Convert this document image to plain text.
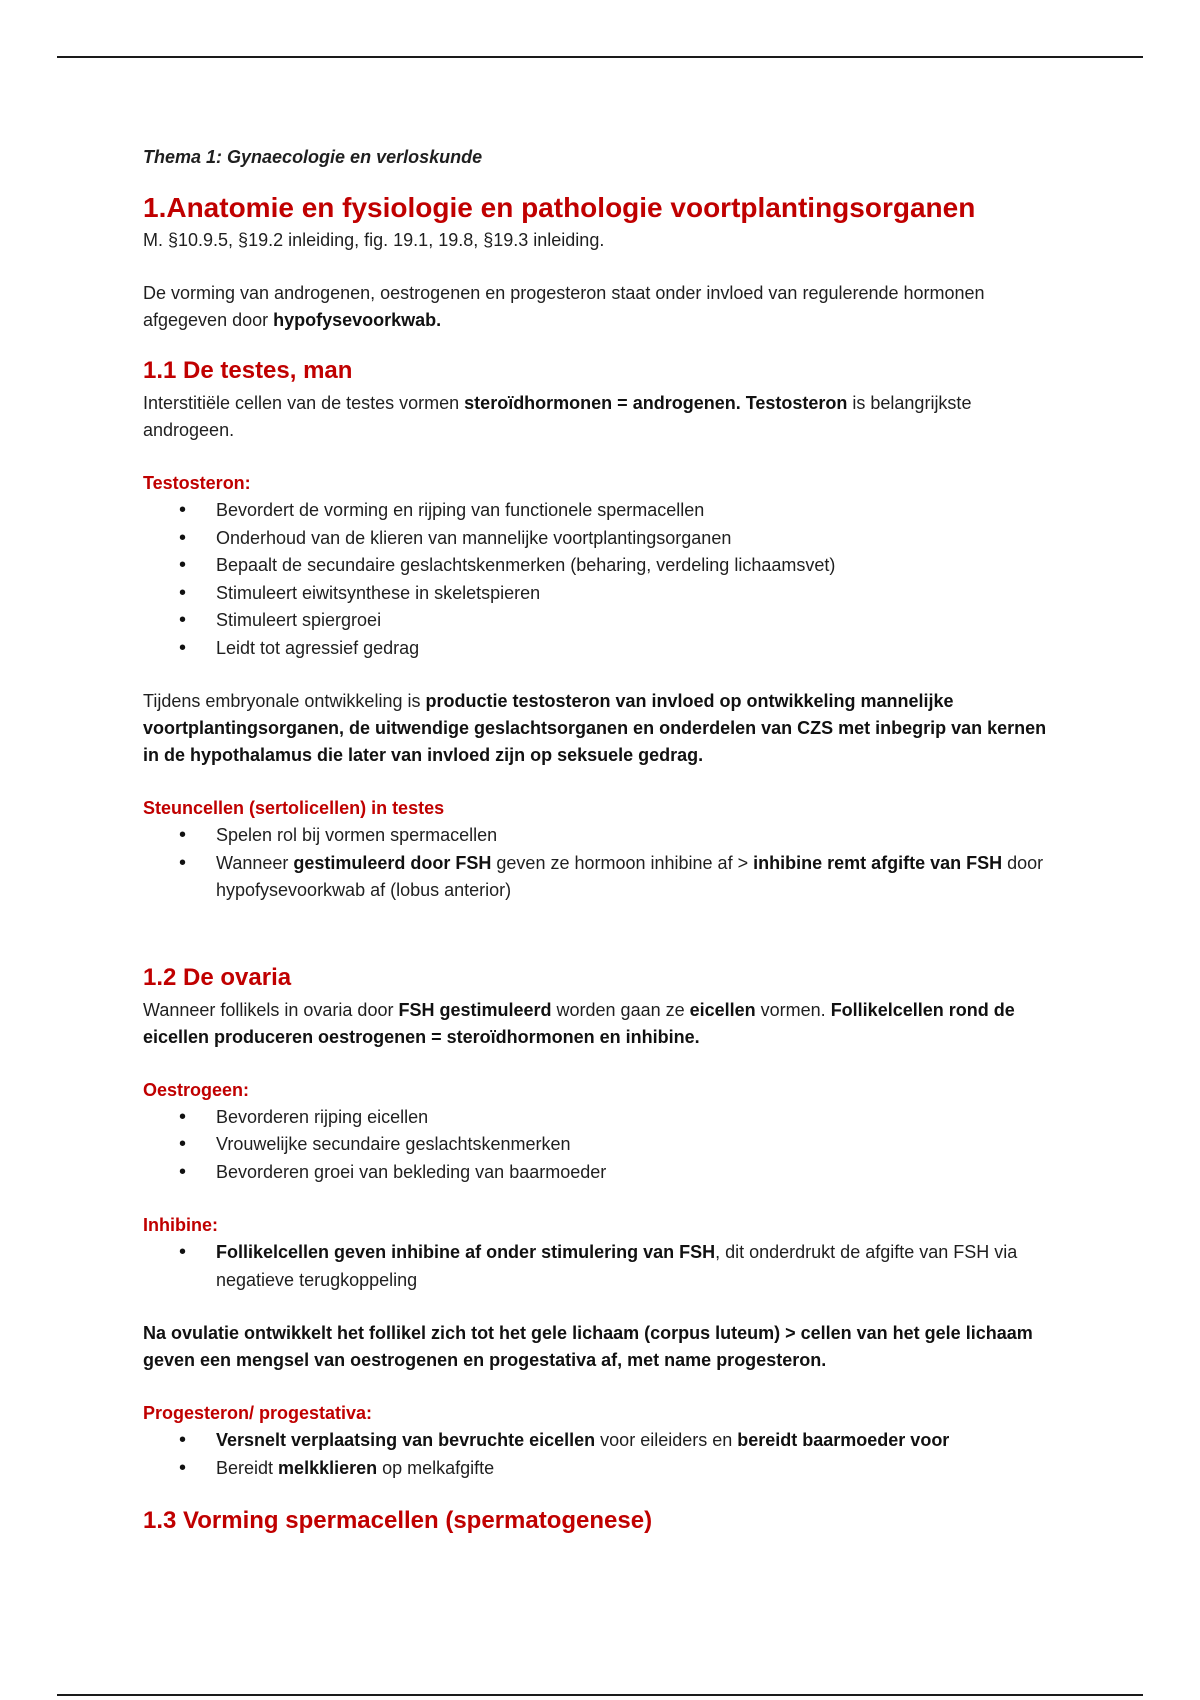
Thema 1: Gynaecologie en verloskunde

1.Anatomie en fysiologie en pathologie voortplantingsorganen

M. §10.9.5, §19.2 inleiding, fig. 19.1, 19.8, §19.3 inleiding.

De vorming van androgenen, oestrogenen en progesteron staat onder invloed van regulerende hormonen afgegeven door hypofysevoorkwab.

1.1 De testes, man

Interstitiële cellen van de testes vormen steroïdhormonen = androgenen. Testosteron is belangrijkste androgeen.

Testosteron:

• Bevordert de vorming en rijping van functionele spermacellen
• Onderhoud van de klieren van mannelijke voortplantingsorganen
• Bepaalt de secundaire geslachtskenmerken (beharing, verdeling lichaamsvet)
• Stimuleert eiwitsynthese in skeletspieren
• Stimuleert spiergroei
• Leidt tot agressief gedrag

Tijdens embryonale ontwikkeling is productie testosteron van invloed op ontwikkeling mannelijke voortplantingsorganen, de uitwendige geslachtsorganen en onderdelen van CZS met inbegrip van kernen in de hypothalamus die later van invloed zijn op seksuele gedrag.

Steuncellen (sertolicellen) in testes

• Spelen rol bij vormen spermacellen
• Wanneer gestimuleerd door FSH geven ze hormoon inhibine af > inhibine remt afgifte van FSH door hypofysevoorkwab af (lobus anterior)
1.2 De ovaria

Wanneer follikels in ovaria door FSH gestimuleerd worden gaan ze eicellen vormen. Follikelcellen rond de eicellen produceren oestrogenen = steroïdhormonen en inhibine.

Oestrogeen:

• Bevorderen rijping eicellen
• Vrouwelijke secundaire geslachtskenmerken
• Bevorderen groei van bekleding van baarmoeder

Inhibine:

• Follikelcellen geven inhibine af onder stimulering van FSH, dit onderdrukt de afgifte van FSH via negatieve terugkoppeling

Na ovulatie ontwikkelt het follikel zich tot het gele lichaam (corpus luteum) > cellen van het gele lichaam geven een mengsel van oestrogenen en progestativa af, met name progesteron.

Progesteron/ progestativa:

• Versnelt verplaatsing van bevruchte eicellen voor eileiders en bereidt baarmoeder voor
• Bereidt melkklieren op melkafgifte
1.3 Vorming spermacellen (spermatogenese)
